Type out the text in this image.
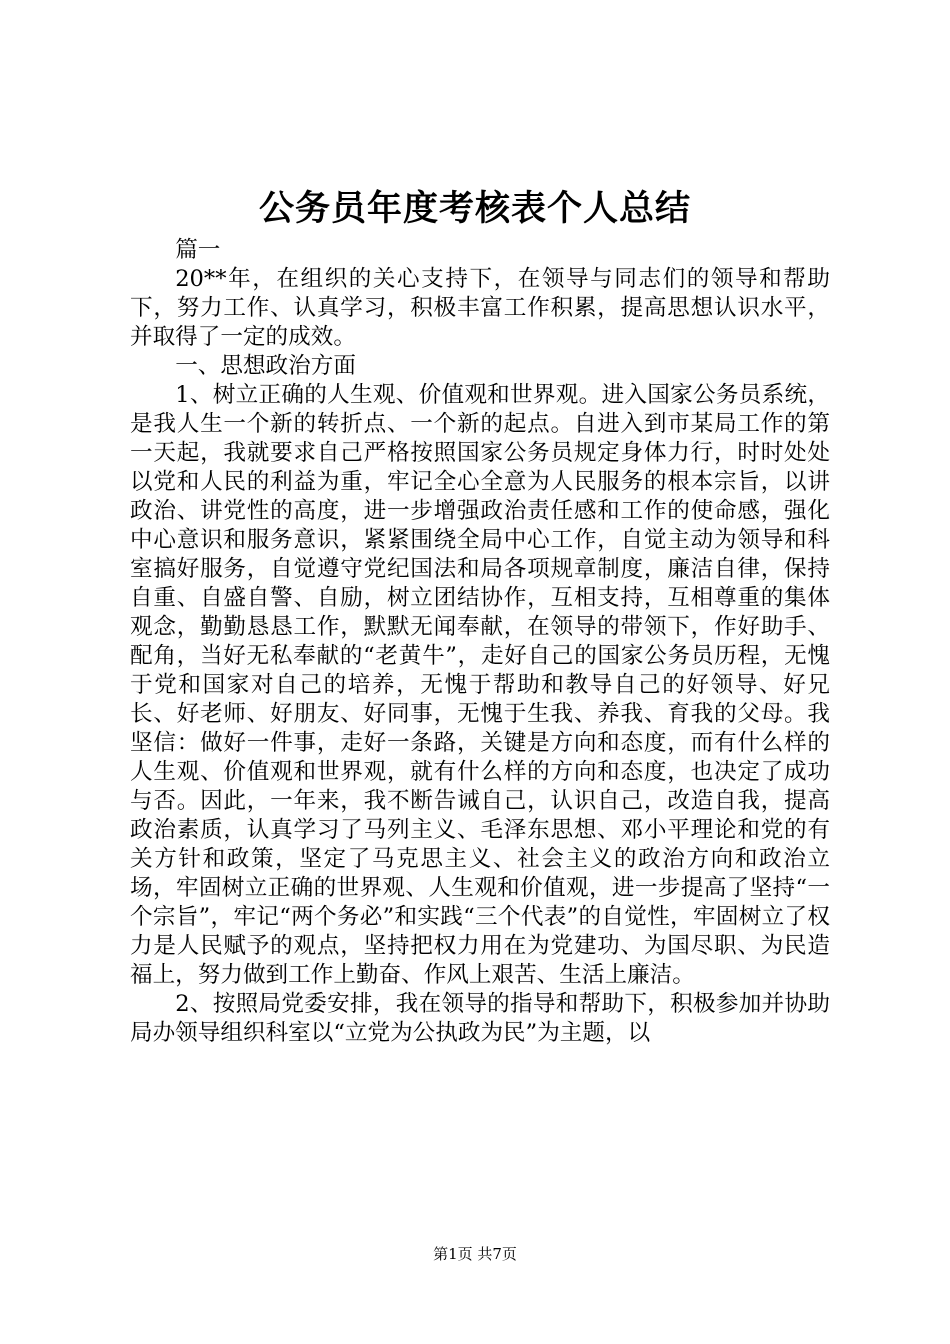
公务员年度考核表个人总结

篇一

20**年，在组织的关心支持下，在领导与同志们的领导和帮助下，努力工作、认真学习，积极丰富工作积累，提高思想认识水平，并取得了一定的成效。

一、思想政治方面

1、树立正确的人生观、价值观和世界观。进入国家公务员系统，是我人生一个新的转折点、一个新的起点。自进入到市某局工作的第一天起，我就要求自己严格按照国家公务员规定身体力行，时时处处以党和人民的利益为重，牢记全心全意为人民服务的根本宗旨，以讲政治、讲党性的高度，进一步增强政治责任感和工作的使命感，强化中心意识和服务意识，紧紧围绕全局中心工作，自觉主动为领导和科室搞好服务，自觉遵守党纪国法和局各项规章制度，廉洁自律，保持自重、自盛自警、自励，树立团结协作，互相支持，互相尊重的集体观念，勤勤恳恳工作，默默无闻奉献，在领导的带领下，作好助手、配角，当好无私奉献的“老黄牛”，走好自己的国家公务员历程，无愧于党和国家对自己的培养，无愧于帮助和教导自己的好领导、好兄长、好老师、好朋友、好同事，无愧于生我、养我、育我的父母。我坚信：做好一件事，走好一条路，关键是方向和态度，而有什么样的人生观、价值观和世界观，就有什么样的方向和态度，也决定了成功与否。因此，一年来，我不断告诫自己，认识自己，改造自我，提高政治素质，认真学习了马列主义、毛泽东思想、邓小平理论和党的有关方针和政策，坚定了马克思主义、社会主义的政治方向和政治立场，牢固树立正确的世界观、人生观和价值观，进一步提高了坚持“一个宗旨”，牢记“两个务必”和实践“三个代表”的自觉性，牢固树立了权力是人民赋予的观点，坚持把权力用在为党建功、为国尽职、为民造福上，努力做到工作上勤奋、作风上艰苦、生活上廉洁。

2、按照局党委安排，我在领导的指导和帮助下，积极参加并协助局办领导组织科室以“立党为公执政为民”为主题，以

第1页 共7页
